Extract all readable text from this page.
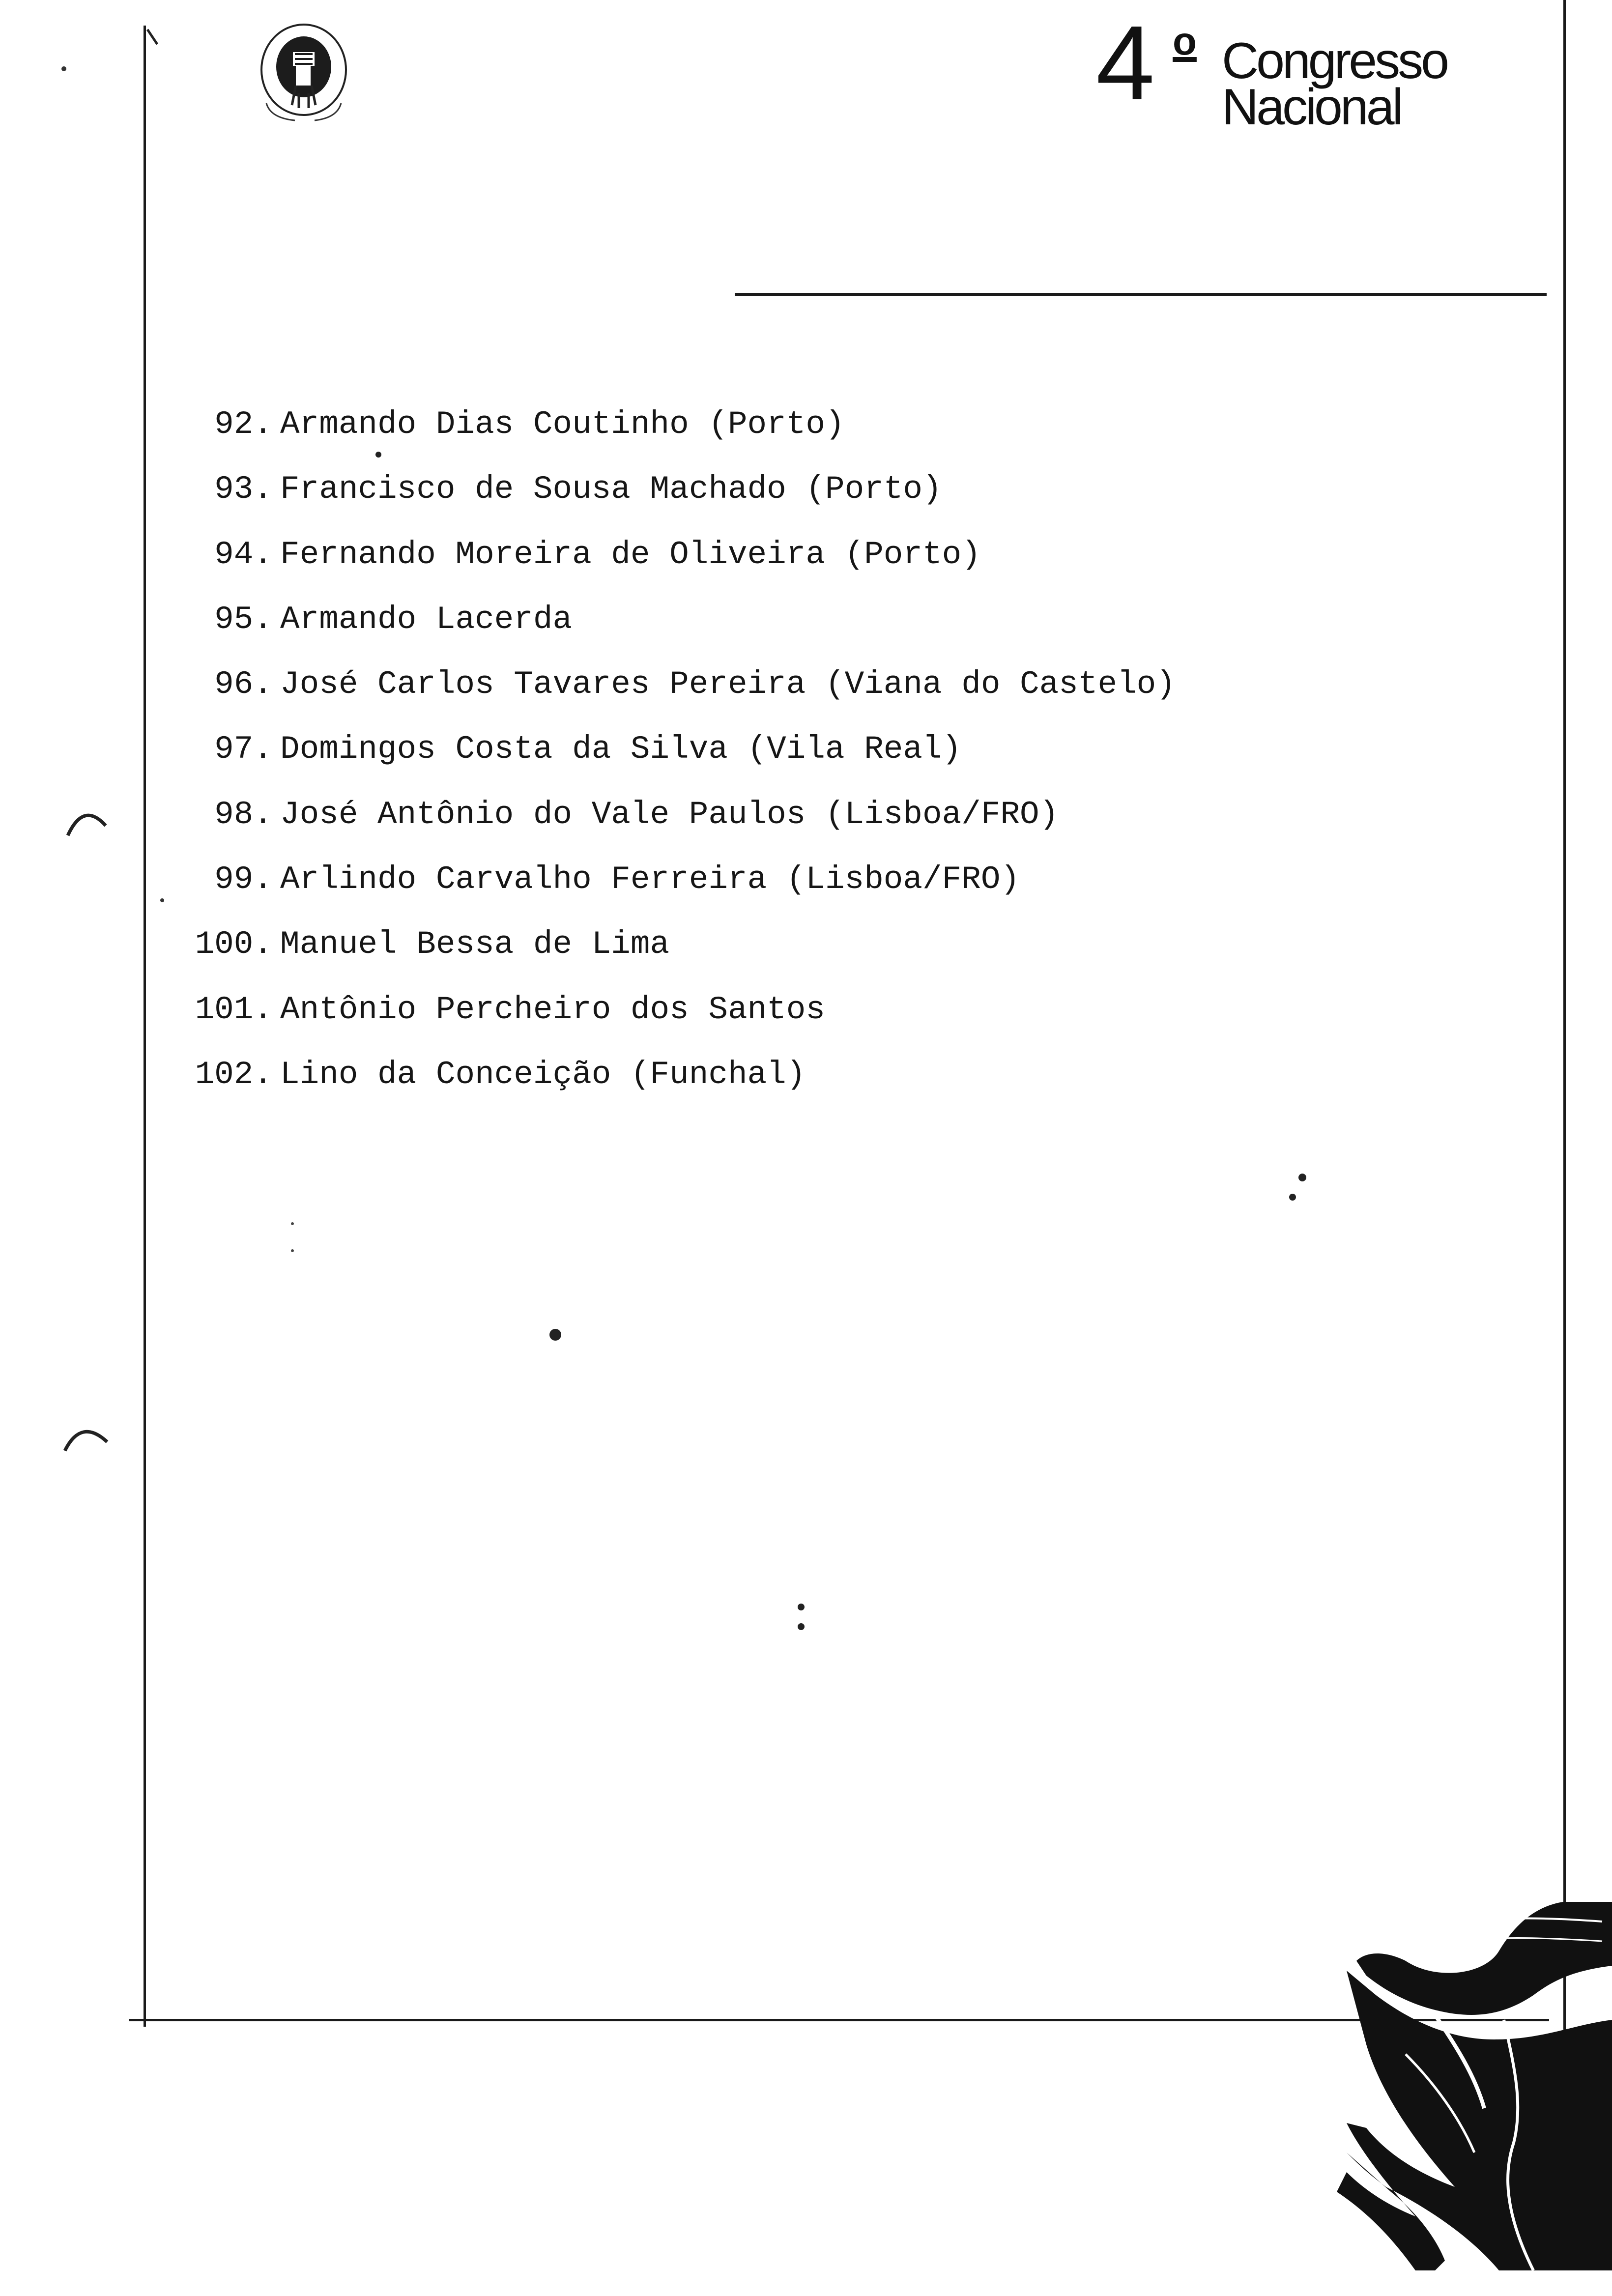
4 o Congresso
Nacional
92. Armando Dias Coutinho (Porto)
93. Francisco de Sousa Machado (Porto)
94. Fernando Moreira de Oliveira (Porto)
95. Armando Lacerda
96. José Carlos Tavares Pereira (Viana do Castelo)
97. Domingos Costa da Silva (Vila Real)
98. José Antônio do Vale Paulos (Lisboa/FRO)
99. Arlindo Carvalho Ferreira (Lisboa/FRO)
100. Manuel Bessa de Lima
101. Antônio Percheiro dos Santos
102. Lino da Conceição (Funchal)
